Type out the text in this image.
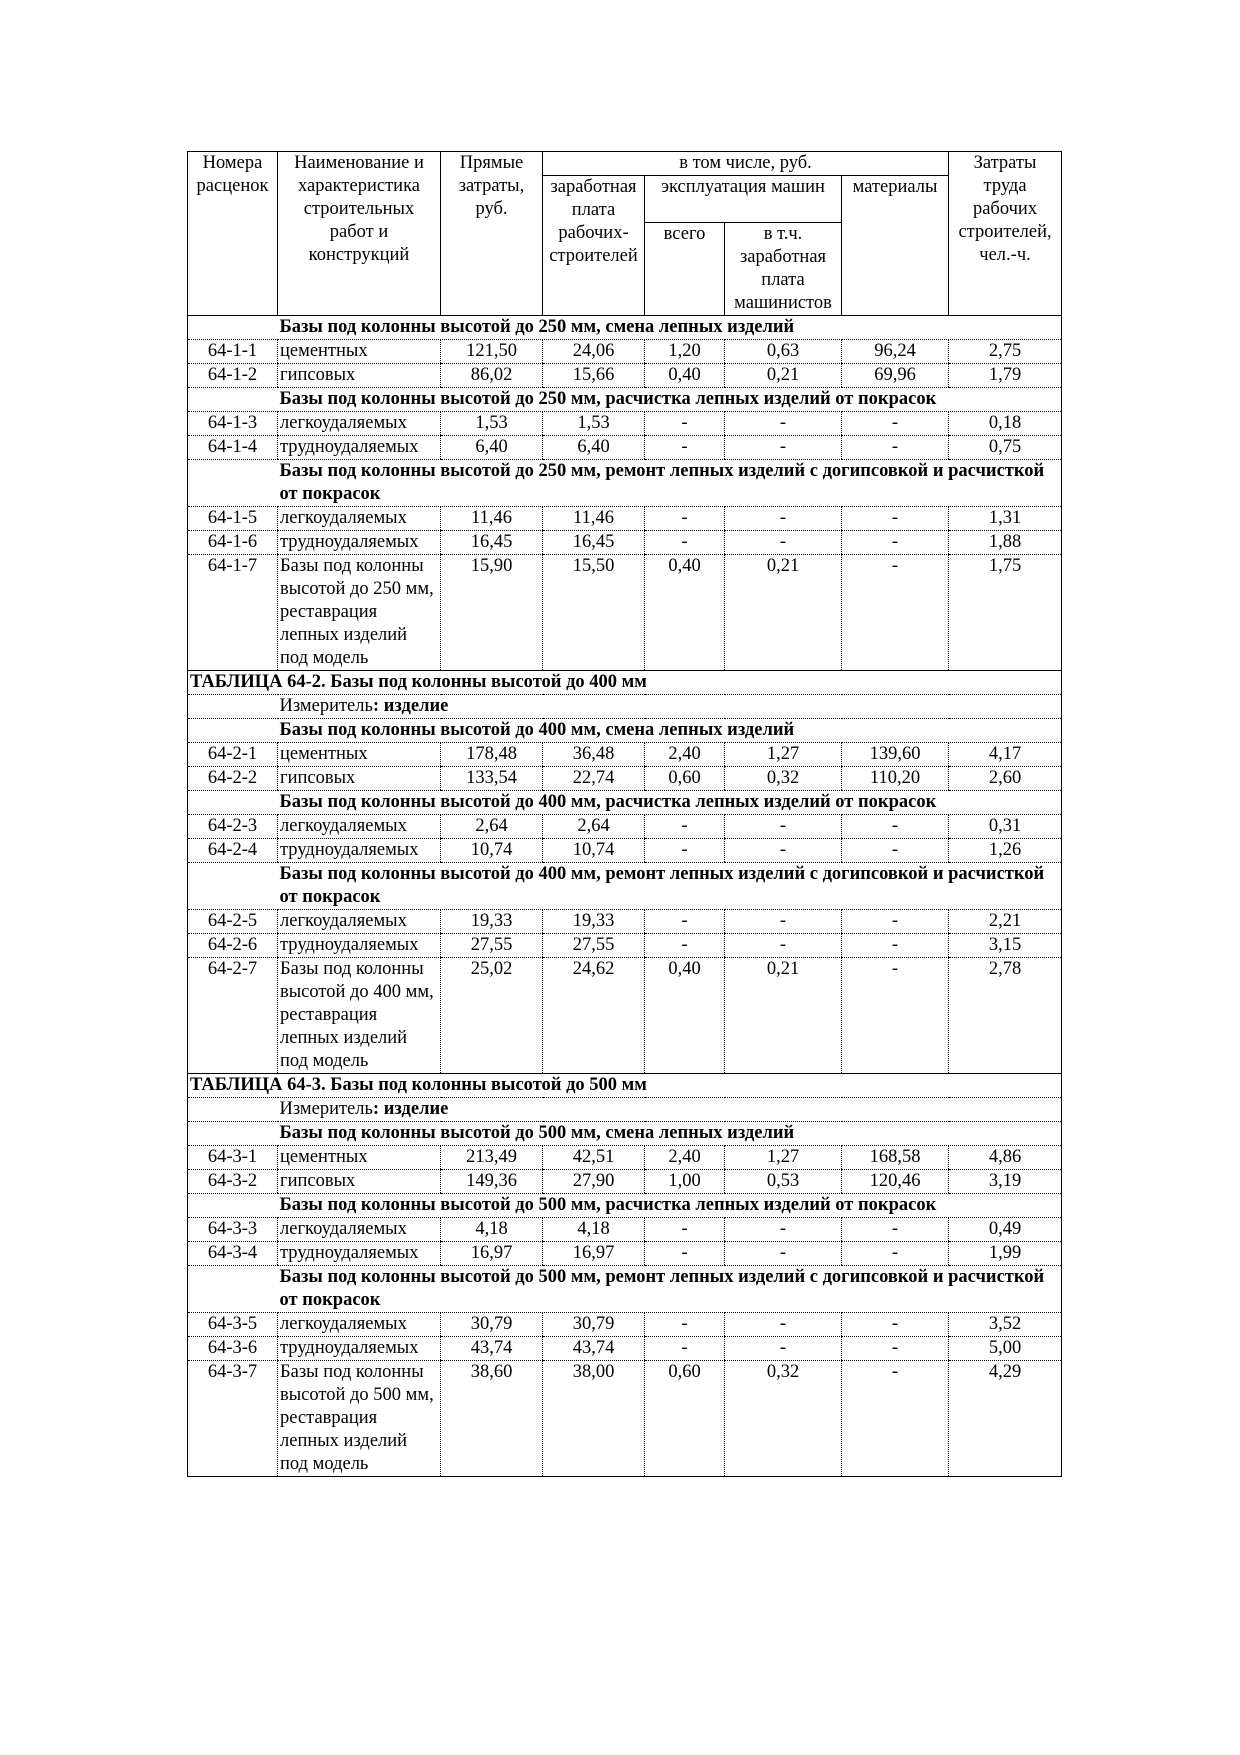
Номера расценок	Наименование и характеристика строительных работ и конструкций	Прямые затраты, руб.	в том числе, руб.				Затраты труда рабочих строителей, чел.-ч.
			заработная плата рабочих-строителей	эксплуатация машин		материалы	
				всего	в т.ч. заработная плата машинистов		
	Базы под колонны высотой до 250 мм, смена лепных изделий						
64-1-1	цементных	121,50	24,06	1,20	0,63	96,24	2,75
64-1-2	гипсовых	86,02	15,66	0,40	0,21	69,96	1,79
	Базы под колонны высотой до 250 мм, расчистка лепных изделий от покрасок						
64-1-3	легкоудаляемых	1,53	1,53	-	-	-	0,18
64-1-4	трудноудаляемых	6,40	6,40	-	-	-	0,75
	Базы под колонны высотой до 250 мм, ремонт лепных изделий с догипсовкой и расчисткой от покрасок						
64-1-5	легкоудаляемых	11,46	11,46	-	-	-	1,31
64-1-6	трудноудаляемых	16,45	16,45	-	-	-	1,88
64-1-7	Базы под колонны высотой до 250 мм, реставрация лепных изделий под модель	15,90	15,50	0,40	0,21	-	1,75
ТАБЛИЦА 64-2. Базы под колонны высотой до 400 мм							
	Измеритель: изделие						
	Базы под колонны высотой до 400 мм, смена лепных изделий						
64-2-1	цементных	178,48	36,48	2,40	1,27	139,60	4,17
64-2-2	гипсовых	133,54	22,74	0,60	0,32	110,20	2,60
	Базы под колонны высотой до 400 мм, расчистка лепных изделий от покрасок						
64-2-3	легкоудаляемых	2,64	2,64	-	-	-	0,31
64-2-4	трудноудаляемых	10,74	10,74	-	-	-	1,26
	Базы под колонны высотой до 400 мм, ремонт лепных изделий с догипсовкой и расчисткой от покрасок						
64-2-5	легкоудаляемых	19,33	19,33	-	-	-	2,21
64-2-6	трудноудаляемых	27,55	27,55	-	-	-	3,15
64-2-7	Базы под колонны высотой до 400 мм, реставрация лепных изделий под модель	25,02	24,62	0,40	0,21	-	2,78
ТАБЛИЦА 64-3. Базы под колонны высотой до 500 мм							
	Измеритель: изделие						
	Базы под колонны высотой до 500 мм, смена лепных изделий						
64-3-1	цементных	213,49	42,51	2,40	1,27	168,58	4,86
64-3-2	гипсовых	149,36	27,90	1,00	0,53	120,46	3,19
	Базы под колонны высотой до 500 мм, расчистка лепных изделий от покрасок						
64-3-3	легкоудаляемых	4,18	4,18	-	-	-	0,49
64-3-4	трудноудаляемых	16,97	16,97	-	-	-	1,99
	Базы под колонны высотой до 500 мм, ремонт лепных изделий с догипсовкой и расчисткой от покрасок						
64-3-5	легкоудаляемых	30,79	30,79	-	-	-	3,52
64-3-6	трудноудаляемых	43,74	43,74	-	-	-	5,00
64-3-7	Базы под колонны высотой до 500 мм, реставрация лепных изделий под модель	38,60	38,00	0,60	0,32	-	4,29
